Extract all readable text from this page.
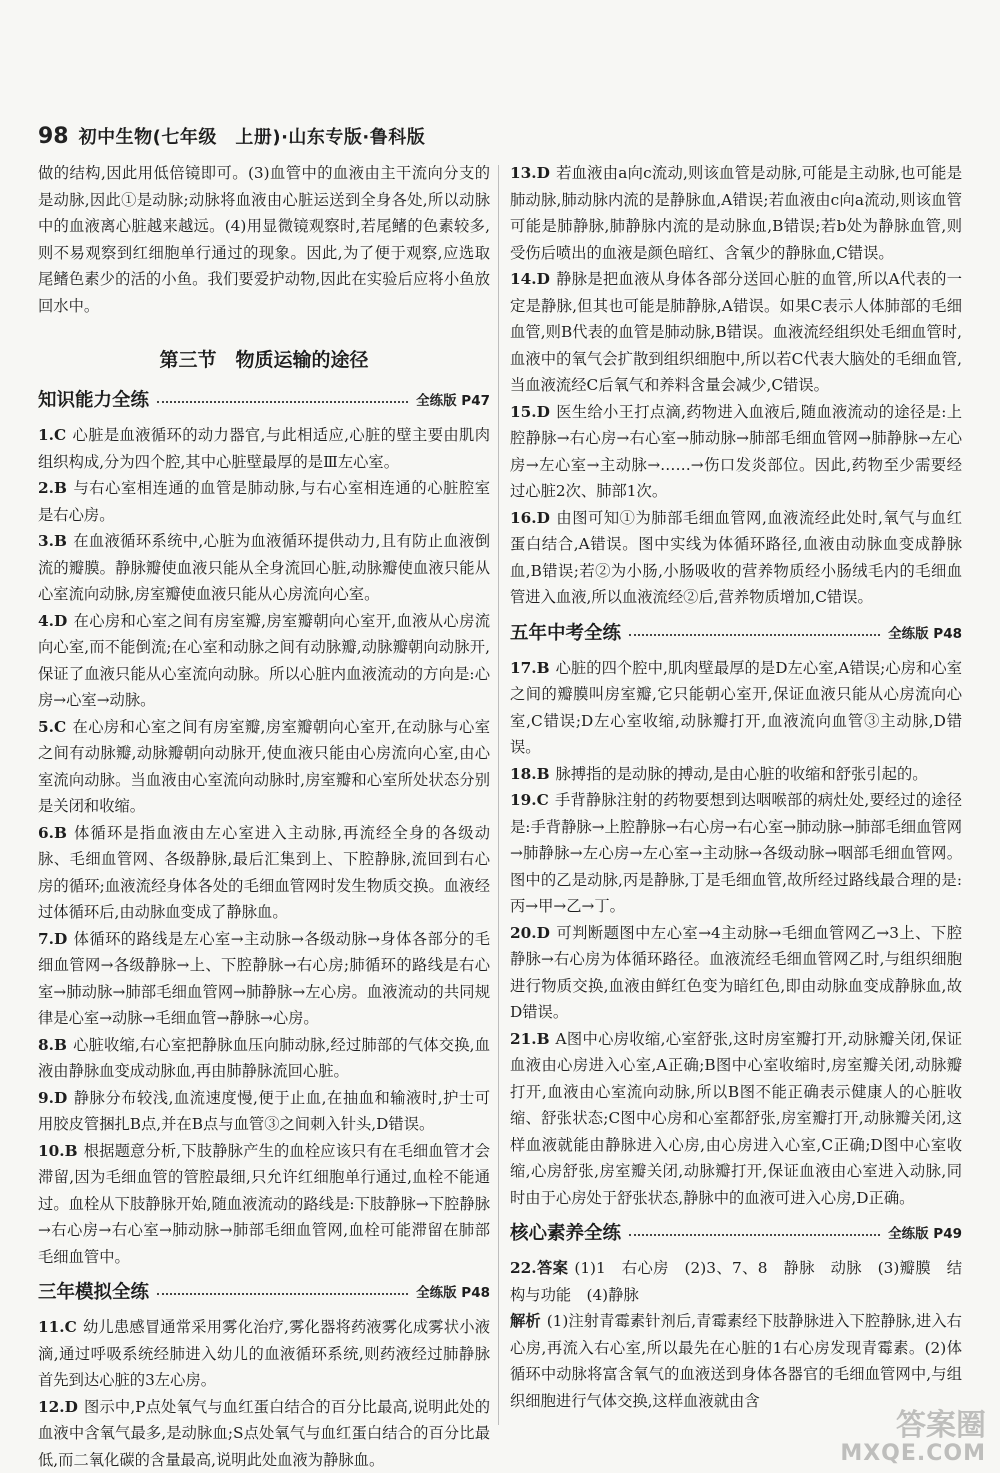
98 初中生物(七年级　上册)·山东专版·鲁科版

做的结构,因此用低倍镜即可。(3)血管中的血液由主干流向分支的是动脉,因此①是动脉;动脉将血液由心脏运送到全身各处,所以动脉中的血液离心脏越来越远。(4)用显微镜观察时,若尾鳍的色素较多,则不易观察到红细胞单行通过的现象。因此,为了便于观察,应选取尾鳍色素少的活的小鱼。我们要爱护动物,因此在实验后应将小鱼放回水中。

第三节　物质运输的途径
知识能力全练	全练版 P47

1.C 心脏是血液循环的动力器官,与此相适应,心脏的壁主要由肌肉组织构成,分为四个腔,其中心脏壁最厚的是Ⅲ左心室。

2.B 与右心室相连通的血管是肺动脉,与右心室相连通的心脏腔室是右心房。

3.B 在血液循环系统中,心脏为血液循环提供动力,且有防止血液倒流的瓣膜。静脉瓣使血液只能从全身流回心脏,动脉瓣使血液只能从心室流向动脉,房室瓣使血液只能从心房流向心室。

4.D 在心房和心室之间有房室瓣,房室瓣朝向心室开,血液从心房流向心室,而不能倒流;在心室和动脉之间有动脉瓣,动脉瓣朝向动脉开,保证了血液只能从心室流向动脉。所以心脏内血液流动的方向是:心房→心室→动脉。

5.C 在心房和心室之间有房室瓣,房室瓣朝向心室开,在动脉与心室之间有动脉瓣,动脉瓣朝向动脉开,使血液只能由心房流向心室,由心室流向动脉。当血液由心室流向动脉时,房室瓣和心室所处状态分别是关闭和收缩。

6.B 体循环是指血液由左心室进入主动脉,再流经全身的各级动脉、毛细血管网、各级静脉,最后汇集到上、下腔静脉,流回到右心房的循环;血液流经身体各处的毛细血管网时发生物质交换。血液经过体循环后,由动脉血变成了静脉血。

7.D 体循环的路线是左心室→主动脉→各级动脉→身体各部分的毛细血管网→各级静脉→上、下腔静脉→右心房;肺循环的路线是右心室→肺动脉→肺部毛细血管网→肺静脉→左心房。血液流动的共同规律是心室→动脉→毛细血管→静脉→心房。

8.B 心脏收缩,右心室把静脉血压向肺动脉,经过肺部的气体交换,血液由静脉血变成动脉血,再由肺静脉流回心脏。

9.D 静脉分布较浅,血流速度慢,便于止血,在抽血和输液时,护士可用胶皮管捆扎B点,并在B点与血管③之间刺入针头,D错误。

10.B 根据题意分析,下肢静脉产生的血栓应该只有在毛细血管才会滞留,因为毛细血管的管腔最细,只允许红细胞单行通过,血栓不能通过。血栓从下肢静脉开始,随血液流动的路线是:下肢静脉→下腔静脉→右心房→右心室→肺动脉→肺部毛细血管网,血栓可能滞留在肺部毛细血管中。

三年模拟全练	全练版 P48

11.C 幼儿患感冒通常采用雾化治疗,雾化器将药液雾化成雾状小液滴,通过呼吸系统经肺进入幼儿的血液循环系统,则药液经过肺静脉首先到达心脏的3左心房。

12.D 图示中,P点处氧气与血红蛋白结合的百分比最高,说明此处的血液中含氧气最多,是动脉血;S点处氧气与血红蛋白结合的百分比最低,而二氧化碳的含量最高,说明此处血液为静脉血。

13.D 若血液由a向c流动,则该血管是动脉,可能是主动脉,也可能是肺动脉,肺动脉内流的是静脉血,A错误;若血液由c向a流动,则该血管可能是肺静脉,肺静脉内流的是动脉血,B错误;若b处为静脉血管,则受伤后喷出的血液是颜色暗红、含氧少的静脉血,C错误。

14.D 静脉是把血液从身体各部分送回心脏的血管,所以A代表的一定是静脉,但其也可能是肺静脉,A错误。如果C表示人体肺部的毛细血管,则B代表的血管是肺动脉,B错误。血液流经组织处毛细血管时,血液中的氧气会扩散到组织细胞中,所以若C代表大脑处的毛细血管,当血液流经C后氧气和养料含量会减少,C错误。

15.D 医生给小王打点滴,药物进入血液后,随血液流动的途径是:上腔静脉→右心房→右心室→肺动脉→肺部毛细血管网→肺静脉→左心房→左心室→主动脉→……→伤口发炎部位。因此,药物至少需要经过心脏2次、肺部1次。

16.D 由图可知①为肺部毛细血管网,血液流经此处时,氧气与血红蛋白结合,A错误。图中实线为体循环路径,血液由动脉血变成静脉血,B错误;若②为小肠,小肠吸收的营养物质经小肠绒毛内的毛细血管进入血液,所以血液流经②后,营养物质增加,C错误。

五年中考全练	全练版 P48

17.B 心脏的四个腔中,肌肉壁最厚的是D左心室,A错误;心房和心室之间的瓣膜叫房室瓣,它只能朝心室开,保证血液只能从心房流向心室,C错误;D左心室收缩,动脉瓣打开,血液流向血管③主动脉,D错误。

18.B 脉搏指的是动脉的搏动,是由心脏的收缩和舒张引起的。

19.C 手背静脉注射的药物要想到达咽喉部的病灶处,要经过的途径是:手背静脉→上腔静脉→右心房→右心室→肺动脉→肺部毛细血管网→肺静脉→左心房→左心室→主动脉→各级动脉→咽部毛细血管网。图中的乙是动脉,丙是静脉,丁是毛细血管,故所经过路线最合理的是:丙→甲→乙→丁。

20.D 可判断题图中左心室→4主动脉→毛细血管网乙→3上、下腔静脉→右心房为体循环路径。血液流经毛细血管网乙时,与组织细胞进行物质交换,血液由鲜红色变为暗红色,即由动脉血变成静脉血,故D错误。

21.B A图中心房收缩,心室舒张,这时房室瓣打开,动脉瓣关闭,保证血液由心房进入心室,A正确;B图中心室收缩时,房室瓣关闭,动脉瓣打开,血液由心室流向动脉,所以B图不能正确表示健康人的心脏收缩、舒张状态;C图中心房和心室都舒张,房室瓣打开,动脉瓣关闭,这样血液就能由静脉进入心房,由心房进入心室,C正确;D图中心室收缩,心房舒张,房室瓣关闭,动脉瓣打开,保证血液由心室进入动脉,同时由于心房处于舒张状态,静脉中的血液可进入心房,D正确。

核心素养全练	全练版 P49

22.答案 (1)1　右心房　(2)3、7、8　静脉　动脉　(3)瓣膜　结构与功能　(4)静脉

解析 (1)注射青霉素针剂后,青霉素经下肢静脉进入下腔静脉,进入右心房,再流入右心室,所以最先在心脏的1右心房发现青霉素。(2)体循环中动脉将富含氧气的血液送到身体各器官的毛细血管网中,与组织细胞进行气体交换,这样血液就由含

答案圈
MXQE.COM
